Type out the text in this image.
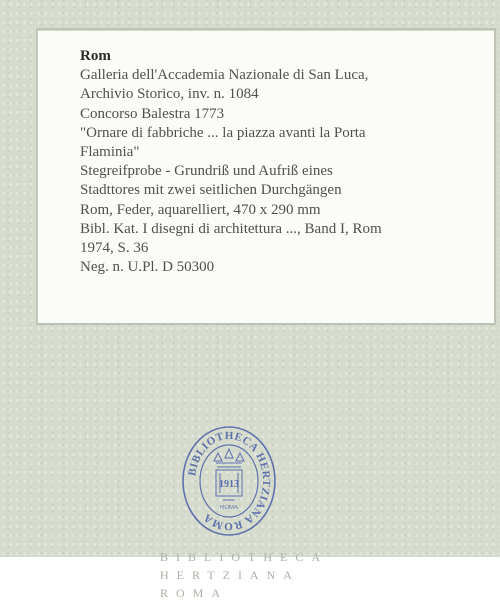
Rom
Galleria dell'Accademia Nazionale di San Luca,
Archivio Storico, inv. n. 1084
Concorso Balestra 1773
"Ornare di fabbriche ... la piazza avanti la Porta
Flaminia"
Stegreifprobe - Grundriß und Aufriß eines
Stadttores mit zwei seitlichen Durchgängen
Rom, Feder, aquarelliert, 470 x 290 mm
Bibl. Kat. I disegni di architettura ..., Band I, Rom
1974, S. 36
Neg. n. U.Pl. D 50300
BIBLIOTHECA HERTZIANA ROMA
1913
ROMA
BIBLIOTHECA HERTZIANA ROMA
